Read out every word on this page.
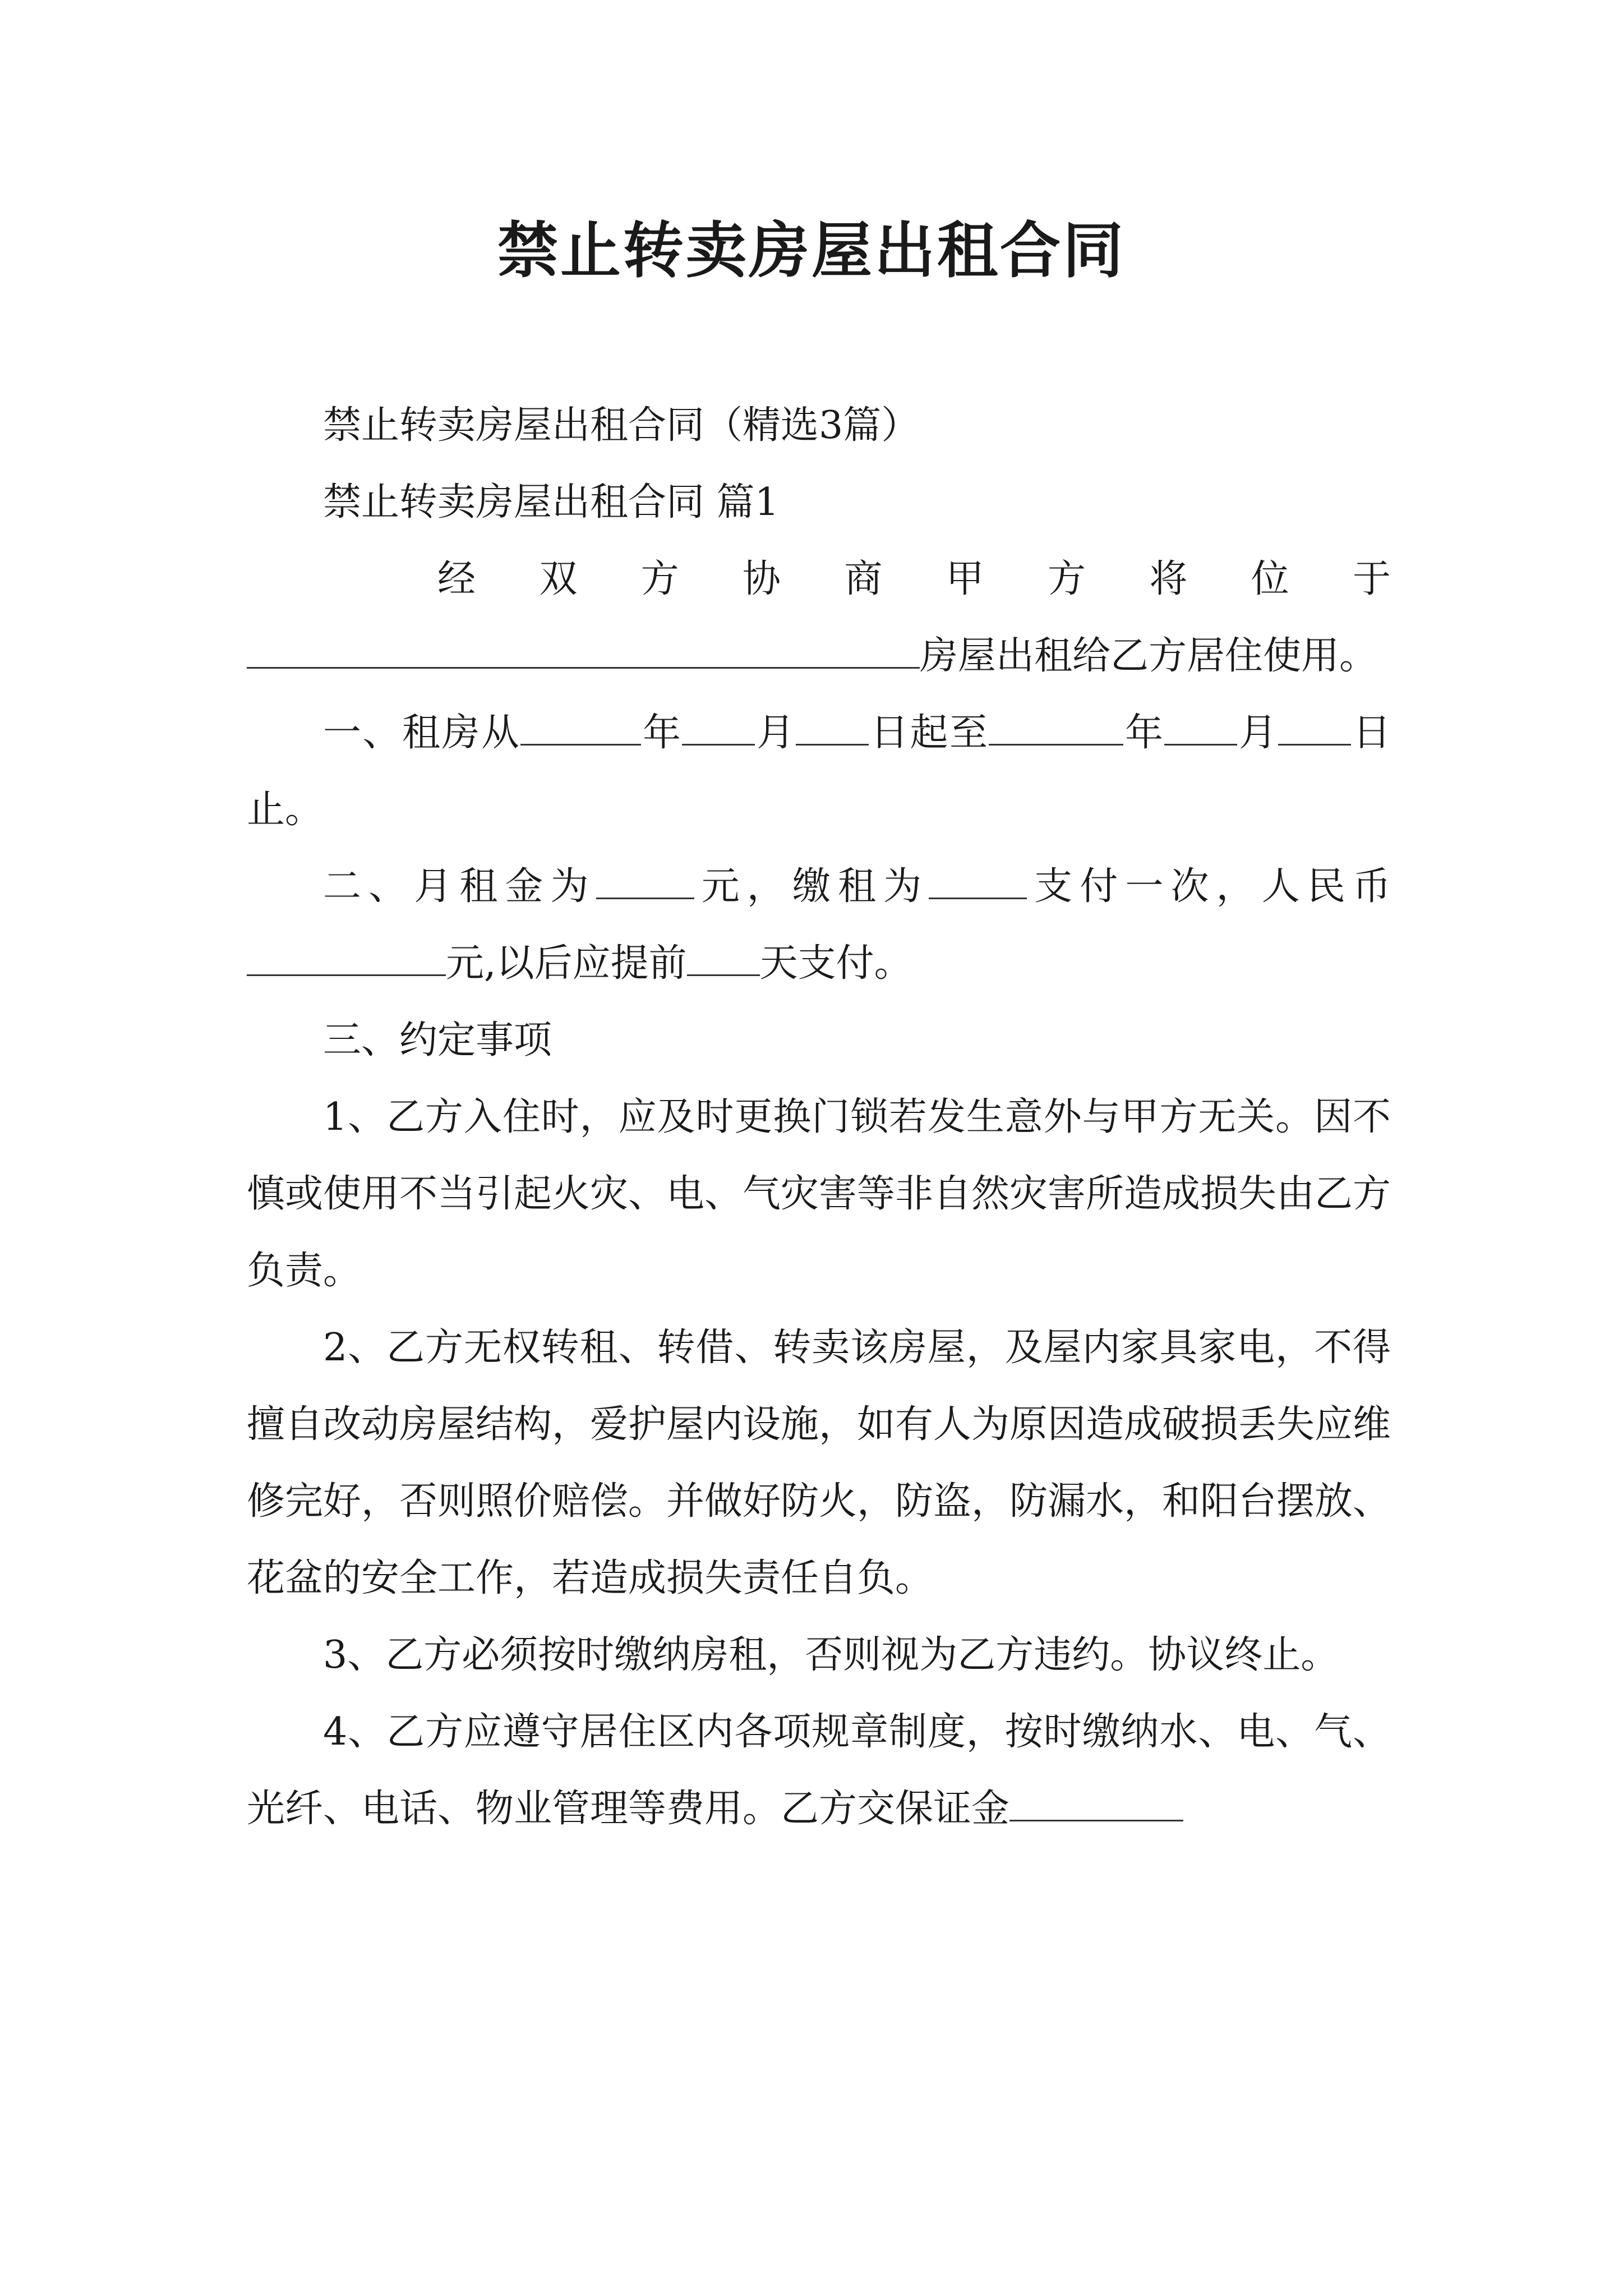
禁止转卖房屋出租合同

禁止转卖房屋出租合同（精选3篇）

禁止转卖房屋出租合同 篇1

经双方协商甲方将位于房屋出租给乙方居住使用。

一、租房从	年 月 日起至	年 月 日止。

二、月租金为	元，缴租为	支付一次，人民币元,以后应提前 天支付。

三、约定事项

1、乙方入住时，应及时更换门锁若发生意外与甲方无关。因不慎或使用不当引起火灾、电、气灾害等非自然灾害所造成损失由乙方负责。

2、乙方无权转租、转借、转卖该房屋，及屋内家具家电，不得擅自改动房屋结构，爱护屋内设施，如有人为原因造成破损丢失应维修完好，否则照价赔偿。并做好防火，防盗，防漏水，和阳台摆放、花盆的安全工作，若造成损失责任自负。

3、乙方必须按时缴纳房租，否则视为乙方违约。协议终止。

4、乙方应遵守居住区内各项规章制度，按时缴纳水、电、气、光纤、电话、物业管理等费用。乙方交保证金
